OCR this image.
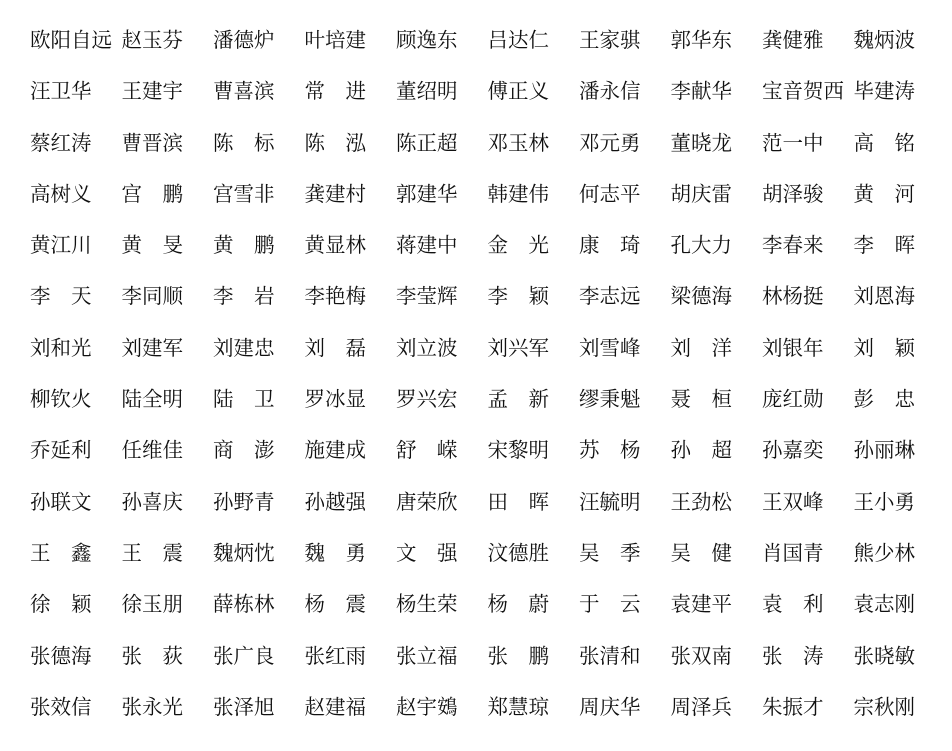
欧阳自远 赵玉芬	潘德炉	叶培建	顾逸东	吕达仁	王家骐	郭华东	龚健雅	魏炳波
汪卫华	王建宇	曹喜滨	常　进	董绍明	傅正义	潘永信	李献华	宝音贺西 毕建涛
蔡红涛	曹晋滨	陈　标	陈　泓	陈正超	邓玉林	邓元勇	董晓龙	范一中	高　铭
高树义	宫　鹏	宫雪非	龚建村	郭建华	韩建伟	何志平	胡庆雷	胡泽骏	黄　河
黄江川	黄　旻	黄　鹏	黄显林	蒋建中	金　光	康　琦	孔大力	李春来	李　晖
李　天	李同顺	李　岩	李艳梅	李莹辉	李　颖	李志远	梁德海	林杨挺	刘恩海
刘和光	刘建军	刘建忠	刘　磊	刘立波	刘兴军	刘雪峰	刘　洋	刘银年	刘　颖
柳钦火	陆全明	陆　卫	罗冰显	罗兴宏	孟　新	缪秉魁	聂　桓	庞红勋	彭　忠
乔延利	任维佳	商　澎	施建成	舒　嵘	宋黎明	苏　杨	孙　超	孙嘉奕	孙丽琳
孙联文	孙喜庆	孙野青	孙越强	唐荣欣	田　晖	汪毓明	王劲松	王双峰	王小勇
王　鑫	王　震	魏炳忱	魏　勇	文　强	汶德胜	吴　季	吴　健	肖国青	熊少林
徐　颖	徐玉朋	薛栋林	杨　震	杨生荣	杨　蔚	于　云	袁建平	袁　利	袁志刚
张德海	张　荻	张广良	张红雨	张立福	张　鹏	张清和	张双南	张　涛	张晓敏
张效信	张永光	张泽旭	赵建福	赵宇鴳	郑慧琼	周庆华	周泽兵	朱振才	宗秋刚
